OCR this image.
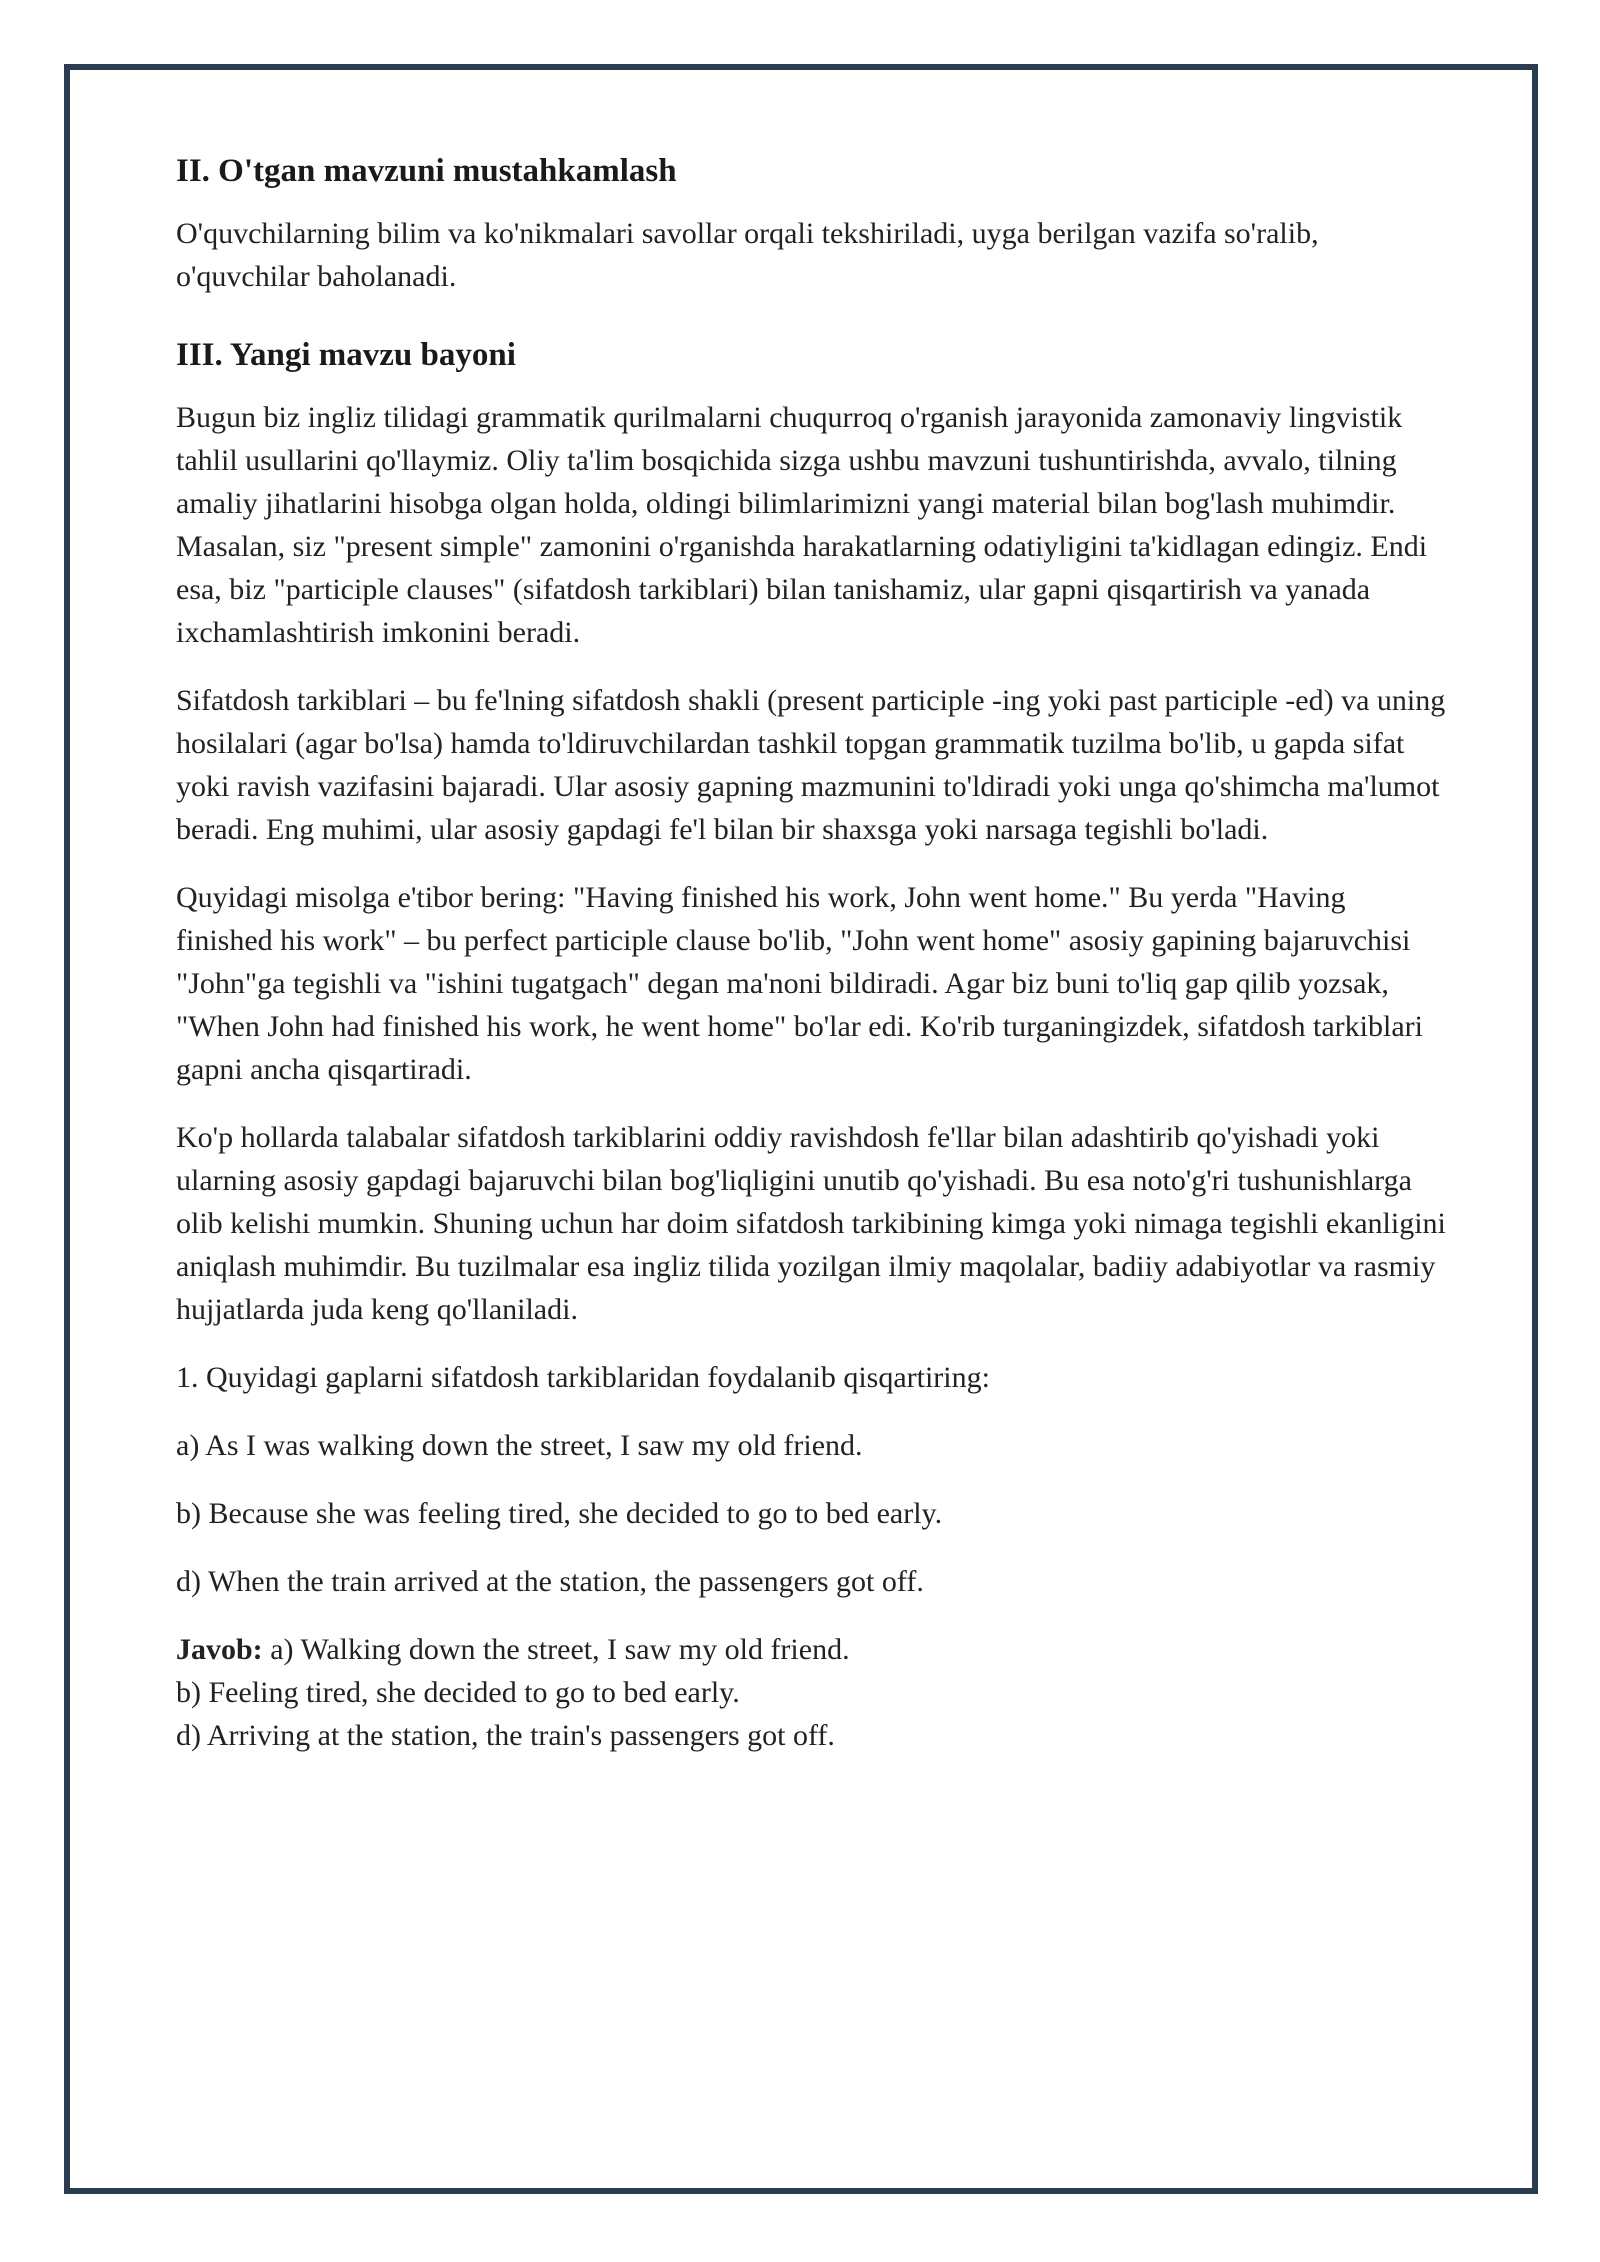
II. O'tgan mavzuni mustahkamlash

O'quvchilarning bilim va ko'nikmalari savollar orqali tekshiriladi, uyga berilgan vazifa so'ralib, o'quvchilar baholanadi.

III. Yangi mavzu bayoni

Bugun biz ingliz tilidagi grammatik qurilmalarni chuqurroq o'rganish jarayonida zamonaviy lingvistik tahlil usullarini qo'llaymiz. Oliy ta'lim bosqichida sizga ushbu mavzuni tushuntirishda, avvalo, tilning amaliy jihatlarini hisobga olgan holda, oldingi bilimlarimizni yangi material bilan bog'lash muhimdir. Masalan, siz "present simple" zamonini o'rganishda harakatlarning odatiyligini ta'kidlagan edingiz. Endi esa, biz "participle clauses" (sifatdosh tarkiblari) bilan tanishamiz, ular gapni qisqartirish va yanada ixchamlashtirish imkonini beradi.

Sifatdosh tarkiblari – bu fe'lning sifatdosh shakli (present participle -ing yoki past participle -ed) va uning hosilalari (agar bo'lsa) hamda to'ldiruvchilardan tashkil topgan grammatik tuzilma bo'lib, u gapda sifat yoki ravish vazifasini bajaradi. Ular asosiy gapning mazmunini to'ldiradi yoki unga qo'shimcha ma'lumot beradi. Eng muhimi, ular asosiy gapdagi fe'l bilan bir shaxsga yoki narsaga tegishli bo'ladi.

Quyidagi misolga e'tibor bering: "Having finished his work, John went home." Bu yerda "Having finished his work" – bu perfect participle clause bo'lib, "John went home" asosiy gapining bajaruvchisi "John"ga tegishli va "ishini tugatgach" degan ma'noni bildiradi. Agar biz buni to'liq gap qilib yozsak, "When John had finished his work, he went home" bo'lar edi. Ko'rib turganingizdek, sifatdosh tarkiblari gapni ancha qisqartiradi.

Ko'p hollarda talabalar sifatdosh tarkiblarini oddiy ravishdosh fe'llar bilan adashtirib qo'yishadi yoki ularning asosiy gapdagi bajaruvchi bilan bog'liqligini unutib qo'yishadi. Bu esa noto'g'ri tushunishlarga olib kelishi mumkin. Shuning uchun har doim sifatdosh tarkibining kimga yoki nimaga tegishli ekanligini aniqlash muhimdir. Bu tuzilmalar esa ingliz tilida yozilgan ilmiy maqolalar, badiiy adabiyotlar va rasmiy hujjatlarda juda keng qo'llaniladi.

1. Quyidagi gaplarni sifatdosh tarkiblaridan foydalanib qisqartiring:

a) As I was walking down the street, I saw my old friend.

b) Because she was feeling tired, she decided to go to bed early.

d) When the train arrived at the station, the passengers got off.

Javob: a) Walking down the street, I saw my old friend.

b) Feeling tired, she decided to go to bed early.

d) Arriving at the station, the train's passengers got off.
